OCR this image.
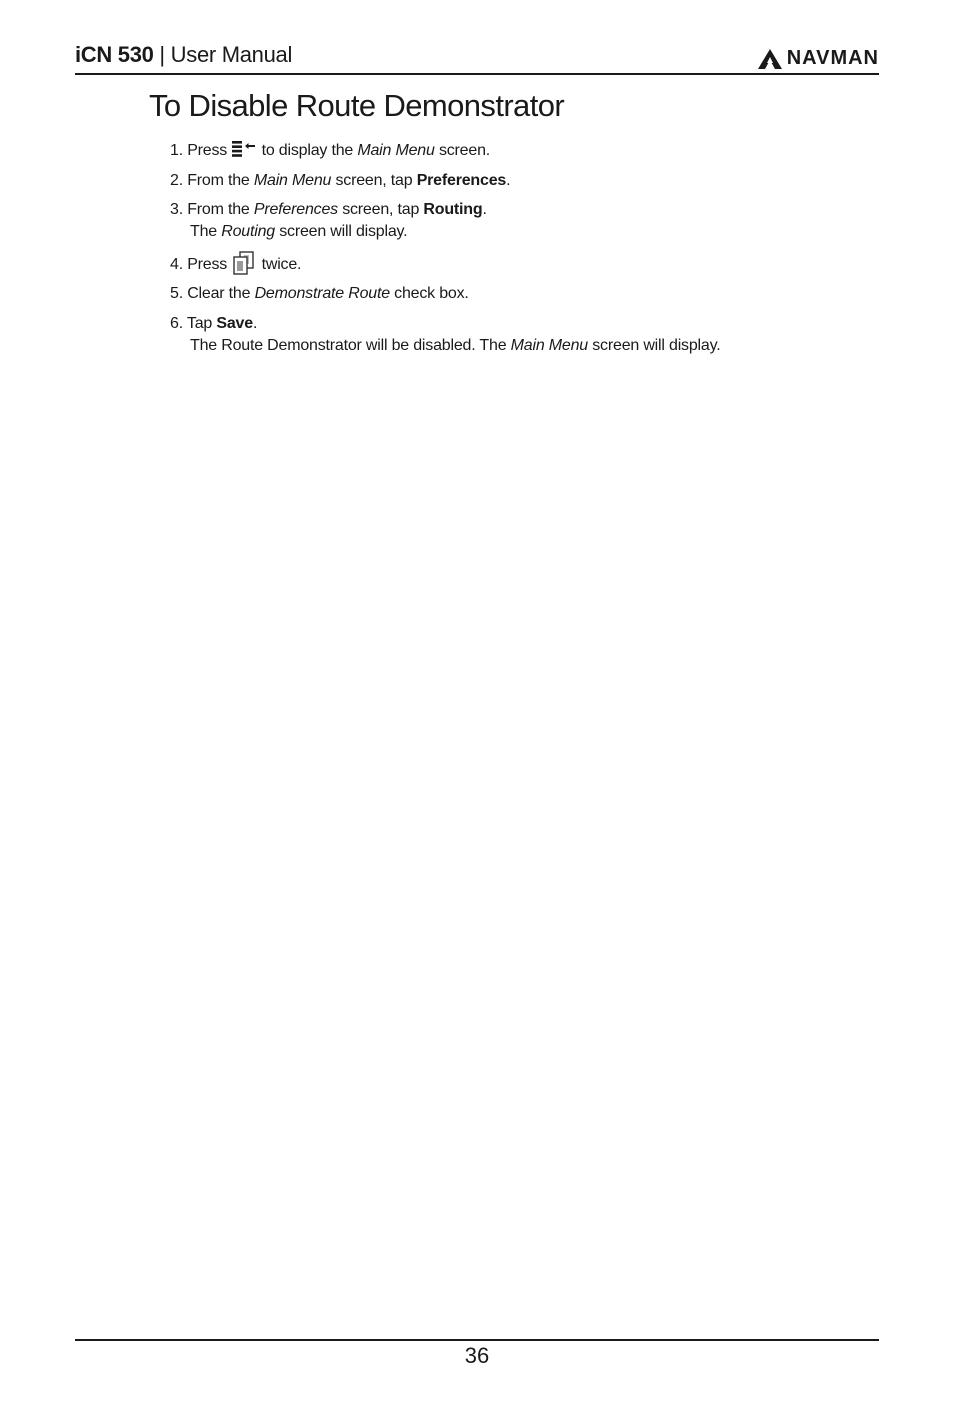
iCN 530 | User Manual	NAVMAN
To Disable Route Demonstrator
1. Press  to display the Main Menu screen.
2. From the Main Menu screen, tap Preferences.
3. From the Preferences screen, tap Routing.
The Routing screen will display.
4. Press  twice.
5. Clear the Demonstrate Route check box.
6. Tap Save.
The Route Demonstrator will be disabled. The Main Menu screen will display.
36
